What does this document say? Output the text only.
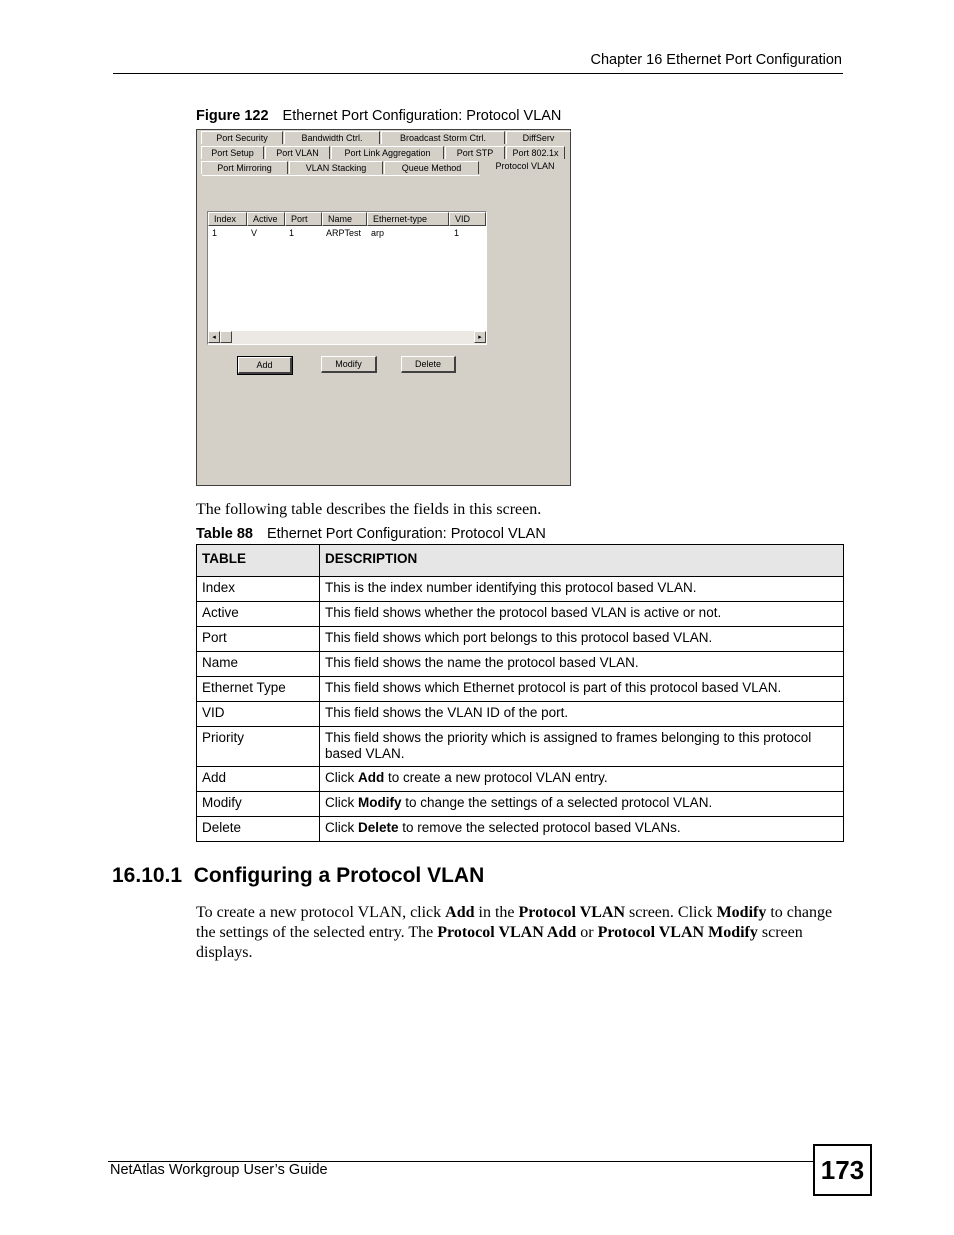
Chapter 16 Ethernet Port Configuration
Figure 122 Ethernet Port Configuration: Protocol VLAN
Port Security	Bandwidth Ctrl.	Broadcast Storm Ctrl.	DiffServ
Port Setup	Port VLAN	Port Link Aggregation	Port STP	Port 802.1x
Port Mirroring	VLAN Stacking	Queue Method	Protocol VLAN
Index	Active	Port	Name	Ethernet-type	VID
1	V	1	ARPTest arp	1
◂	▸
Add	Modify	Delete
The following table describes the fields in this screen.
Table 88 Ethernet Port Configuration: Protocol VLAN
TABLE	DESCRIPTION
Index	This is the index number identifying this protocol based VLAN.
Active	This field shows whether the protocol based VLAN is active or not.
Port	This field shows which port belongs to this protocol based VLAN.
Name	This field shows the name the protocol based VLAN.
Ethernet Type	This field shows which Ethernet protocol is part of this protocol based VLAN.
VID	This field shows the VLAN ID of the port.
Priority	This field shows the priority which is assigned to frames belonging to this protocol based VLAN.
Add	Click Add to create a new protocol VLAN entry.
Modify	Click Modify to change the settings of a selected protocol VLAN.
Delete	Click Delete to remove the selected protocol based VLANs.
16.10.1 Configuring a Protocol VLAN
To create a new protocol VLAN, click Add in the Protocol VLAN screen. Click Modify to change the settings of the selected entry. The Protocol VLAN Add or Protocol VLAN Modify screen displays.
NetAtlas Workgroup User’s Guide	173
